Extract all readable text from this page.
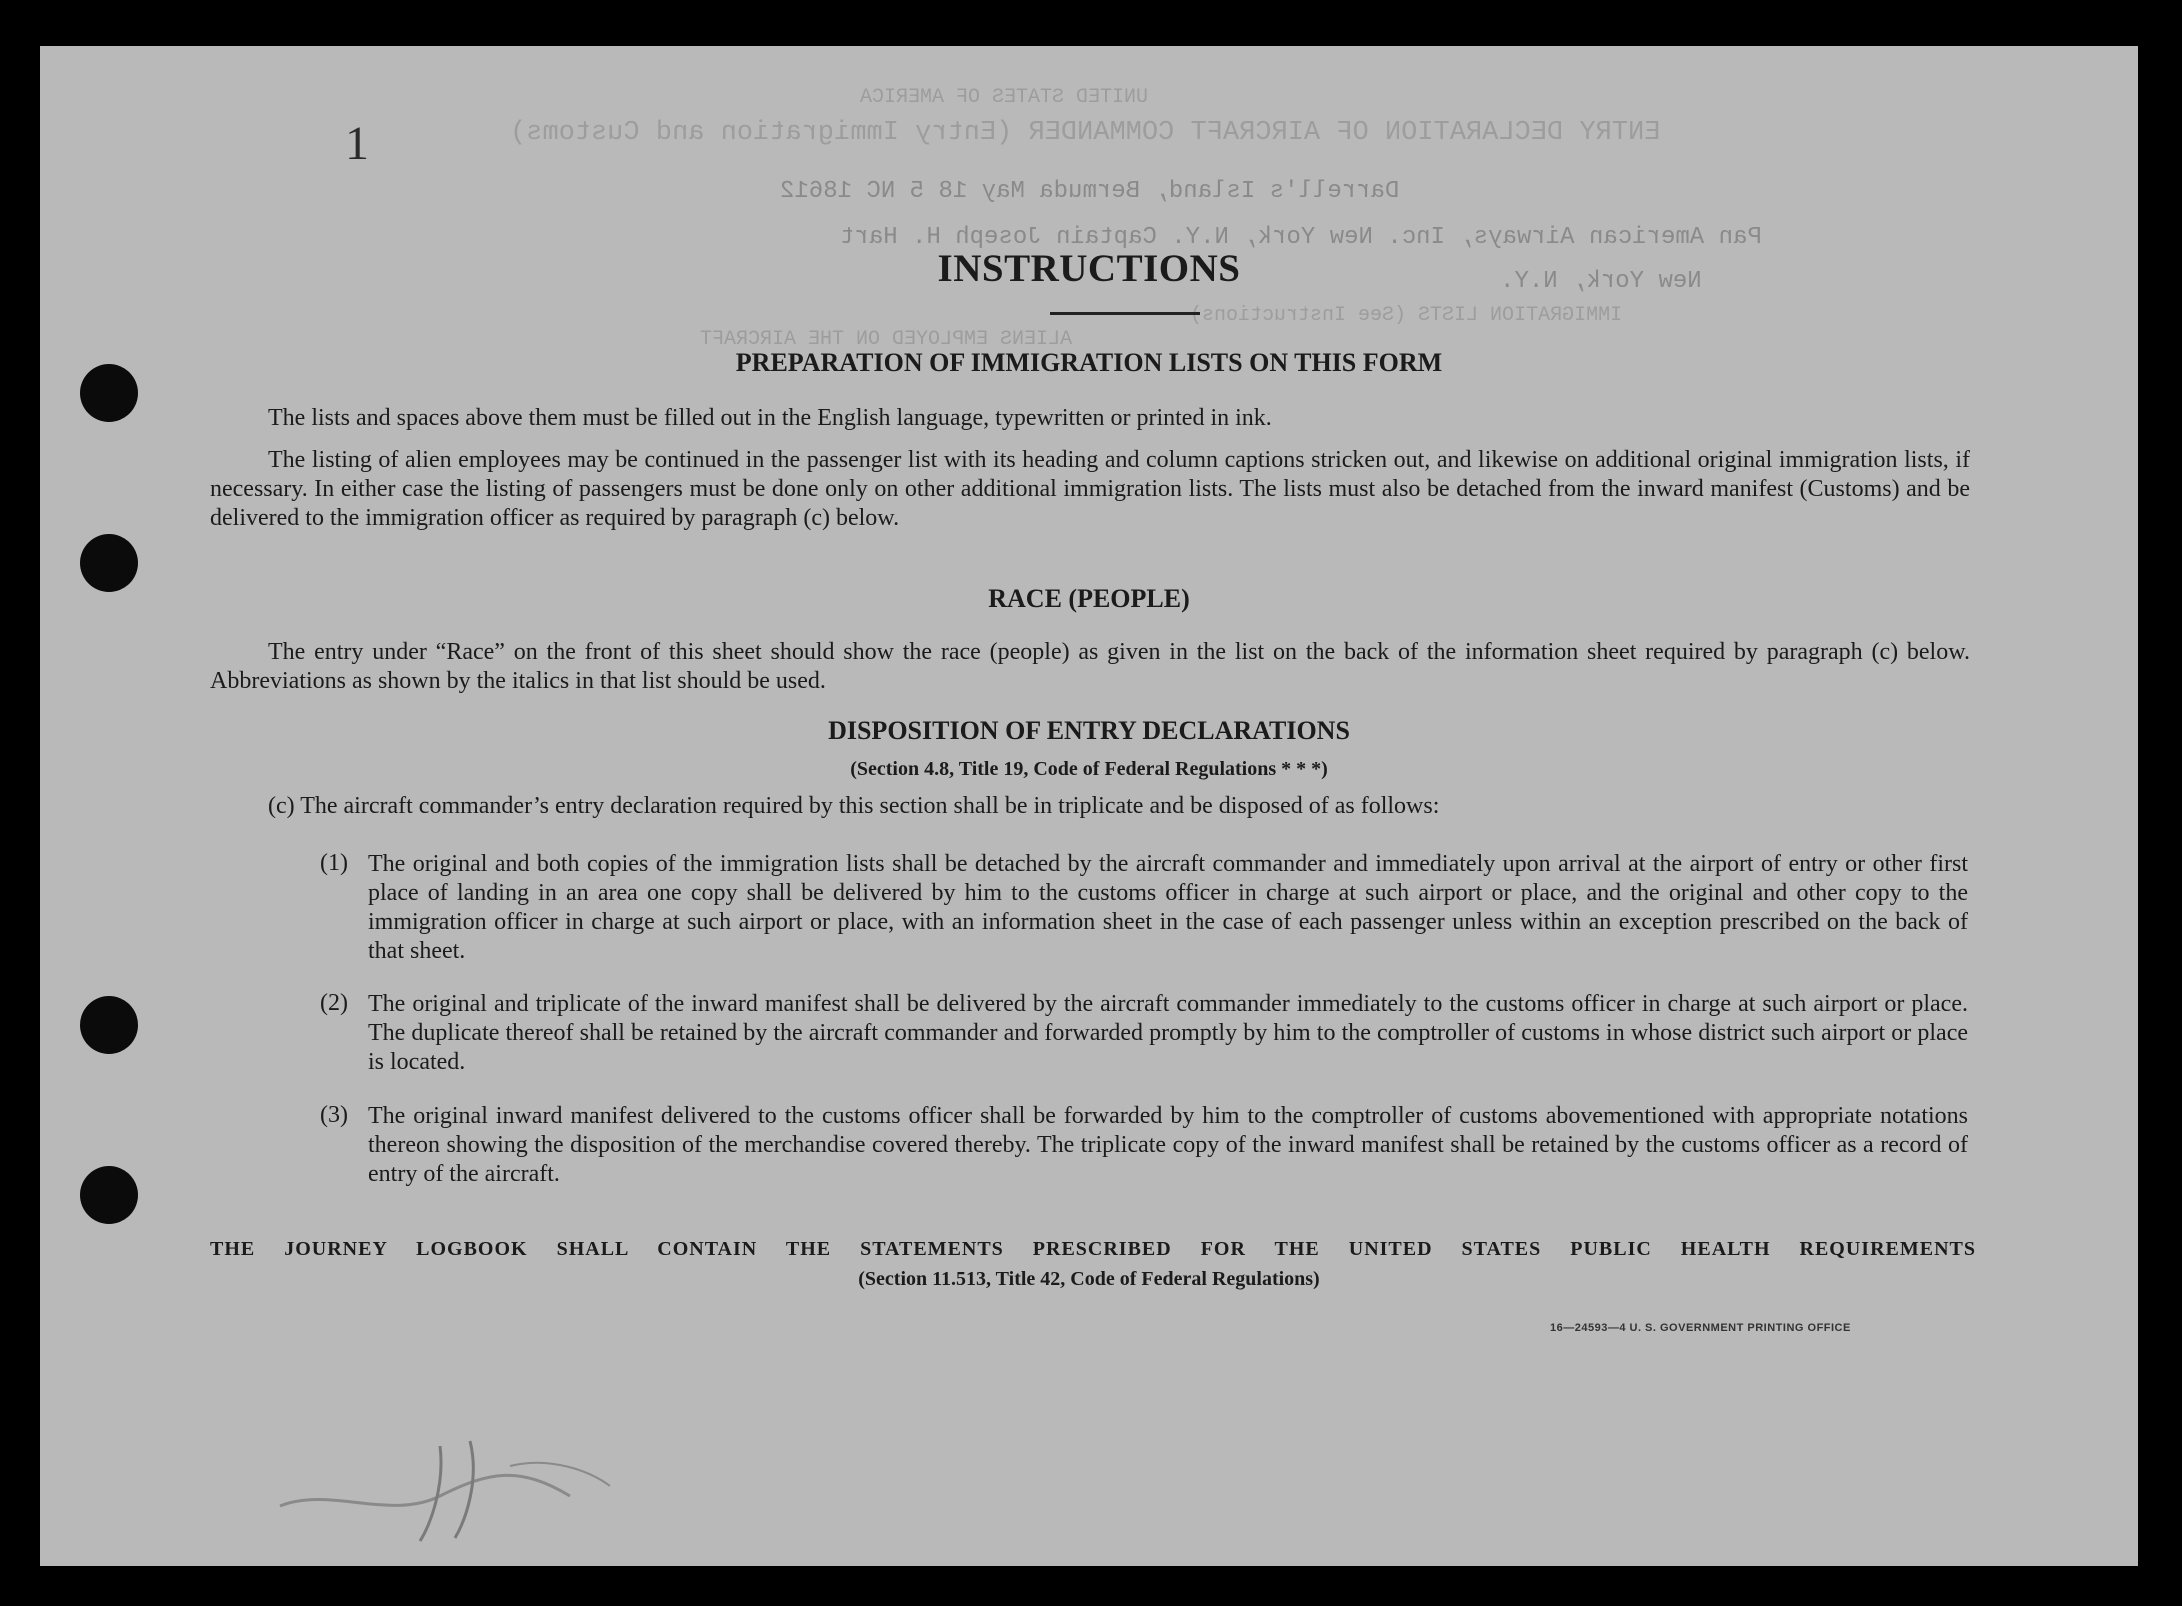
UNITED STATES OF AMERICA
ENTRY DECLARATION OF AIRCRAFT COMMANDER (Entry Immigration and Customs)
Darrell's Island, Bermuda May 18 5 NC 18612
Pan American Airways, Inc. New York, N.Y. Captain Joseph H. Hart
New York, N.Y.
IMMIGRATION LISTS (See Instructions)
ALIENS EMPLOYED ON THE AIRCRAFT
1
INSTRUCTIONS
PREPARATION OF IMMIGRATION LISTS ON THIS FORM
The lists and spaces above them must be filled out in the English language, typewritten or printed in ink.
The listing of alien employees may be continued in the passenger list with its heading and column captions stricken out, and likewise on additional original immigration lists, if necessary. In either case the listing of passengers must be done only on other additional immigration lists. The lists must also be detached from the inward manifest (Customs) and be delivered to the immigration officer as required by paragraph (c) below.
RACE (PEOPLE)
The entry under “Race” on the front of this sheet should show the race (people) as given in the list on the back of the information sheet required by paragraph (c) below. Abbreviations as shown by the italics in that list should be used.
DISPOSITION OF ENTRY DECLARATIONS
(Section 4.8, Title 19, Code of Federal Regulations * * *)
(c) The aircraft commander’s entry declaration required by this section shall be in triplicate and be disposed of as follows:
(1) The original and both copies of the immigration lists shall be detached by the aircraft commander and immediately upon arrival at the airport of entry or other first place of landing in an area one copy shall be delivered by him to the customs officer in charge at such airport or place, and the original and other copy to the immigration officer in charge at such airport or place, with an information sheet in the case of each passenger unless within an exception prescribed on the back of that sheet.
(2) The original and triplicate of the inward manifest shall be delivered by the aircraft commander immediately to the customs officer in charge at such airport or place. The duplicate thereof shall be retained by the aircraft commander and forwarded promptly by him to the comptroller of customs in whose district such airport or place is located.
(3) The original inward manifest delivered to the customs officer shall be forwarded by him to the comptroller of customs abovementioned with appropriate notations thereon showing the disposition of the merchandise covered thereby. The triplicate copy of the inward manifest shall be retained by the customs officer as a record of entry of the aircraft.
THE JOURNEY LOGBOOK SHALL CONTAIN THE STATEMENTS PRESCRIBED FOR THE UNITED STATES PUBLIC HEALTH REQUIREMENTS
(Section 11.513, Title 42, Code of Federal Regulations)
16—24593—4 U. S. GOVERNMENT PRINTING OFFICE
